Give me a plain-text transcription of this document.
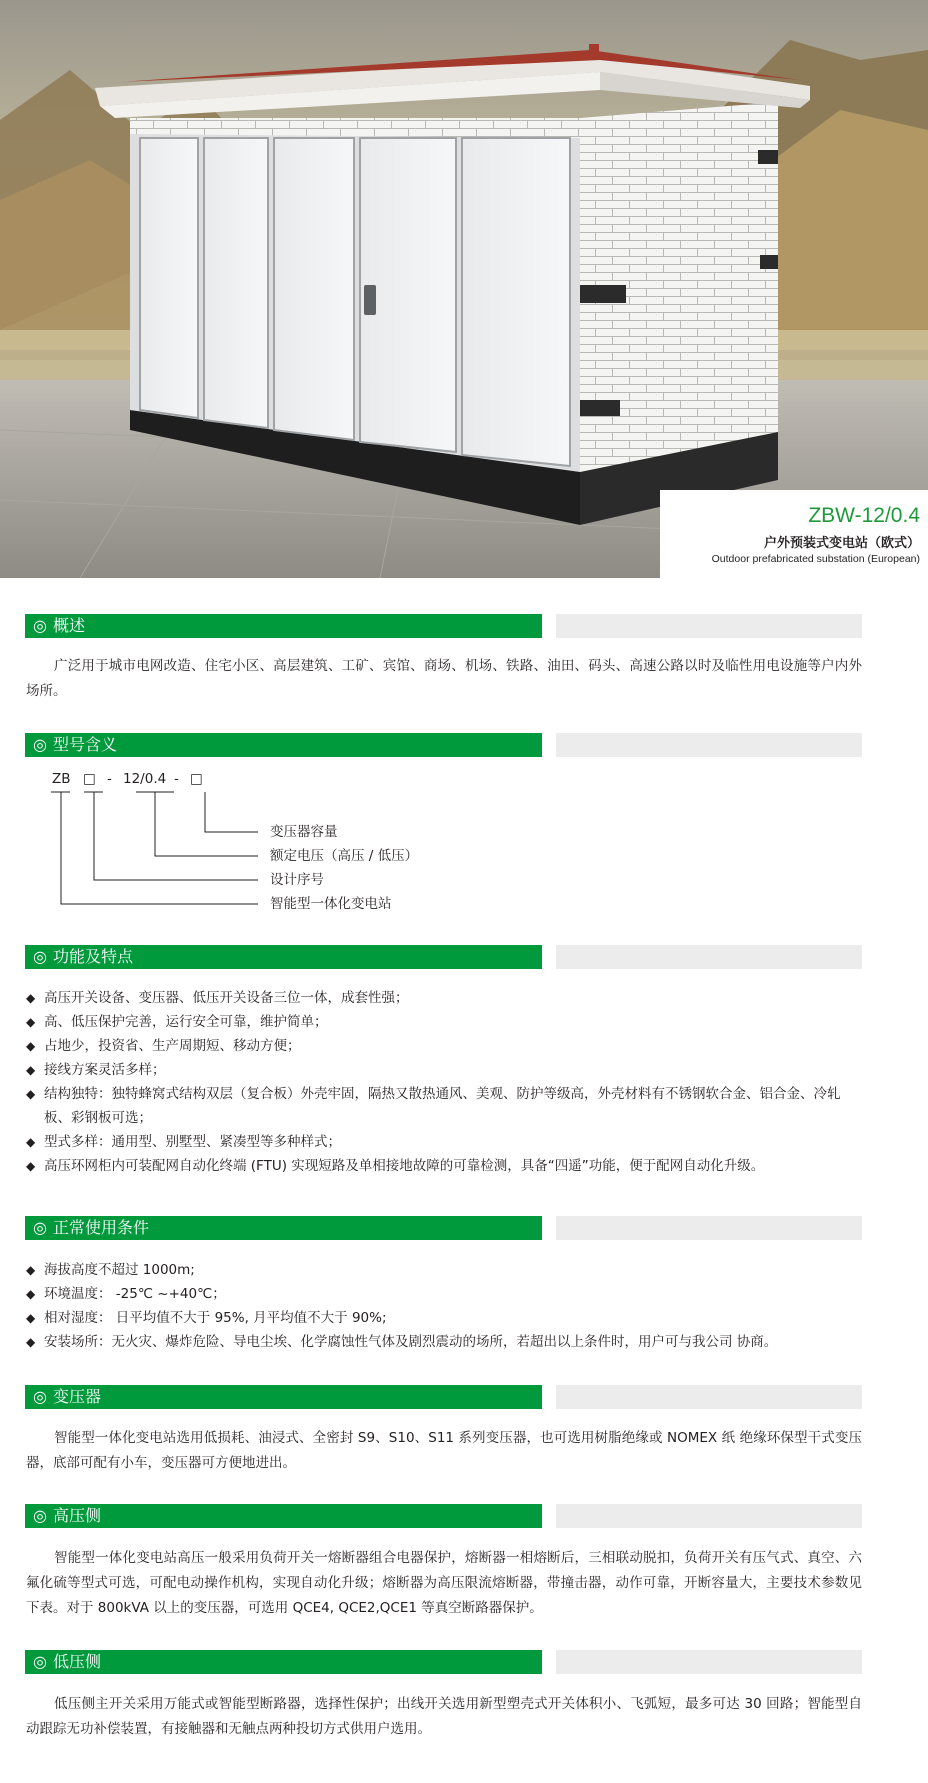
ZBW-12/0.4
户外预装式变电站（欧式）
Outdoor prefabricated substation (European)
◎ 概述

广泛用于城市电网改造、住宅小区、高层建筑、工矿、宾馆、商场、机场、铁路、油田、码头、高速公路以时及临性用电设施等户内外场所。

◎ 型号含义
ZB □ - 12/0.4 - □
变压器容量
额定电压（高压 / 低压）
设计序号
智能型一体化变电站
◎ 功能及特点
◆ 高压开关设备、变压器、低压开关设备三位一体，成套性强；
◆ 高、低压保护完善，运行安全可靠，维护简单；
◆ 占地少，投资省、生产周期短、移动方便；
◆ 接线方案灵活多样；
◆ 结构独特：独特蜂窝式结构双层（复合板）外壳牢固，隔热又散热通风、美观、防护等级高，外壳材料有不锈钢软合金、铝合金、冷轧板、彩钢板可选；
◆ 型式多样：通用型、别墅型、紧凑型等多种样式；
◆ 高压环网柜内可装配网自动化终端 (FTU) 实现短路及单相接地故障的可靠检测，具备“四遥”功能，便于配网自动化升级。
◎ 正常使用条件
◆ 海拔高度不超过 1000m;
◆ 环境温度： -25℃ ~+40℃；
◆ 相对湿度： 日平均值不大于 95%, 月平均值不大于 90%;
◆ 安装场所：无火灾、爆炸危险、导电尘埃、化学腐蚀性气体及剧烈震动的场所，若超出以上条件时，用户可与我公司 协商。
◎ 变压器

智能型一体化变电站选用低损耗、油浸式、全密封 S9、S10、S11 系列变压器，也可选用树脂绝缘或 NOMEX 纸 绝缘环保型干式变压器，底部可配有小车，变压器可方便地进出。

◎ 高压侧

智能型一体化变电站高压一般采用负荷开关一熔断器组合电器保护，熔断器一相熔断后，三相联动脱扣，负荷开关有压气式、真空、六氟化硫等型式可选，可配电动操作机构，实现自动化升级；熔断器为高压限流熔断器，带撞击器，动作可靠，开断容量大，主要技术参数见下表。对于 800kVA 以上的变压器，可选用 QCE4, QCE2,QCE1 等真空断路器保护。

◎ 低压侧

低压侧主开关采用万能式或智能型断路器，选择性保护；出线开关选用新型塑壳式开关体积小、飞弧短，最多可达 30 回路；智能型自动跟踪无功补偿装置，有接触器和无触点两种投切方式供用户选用。
